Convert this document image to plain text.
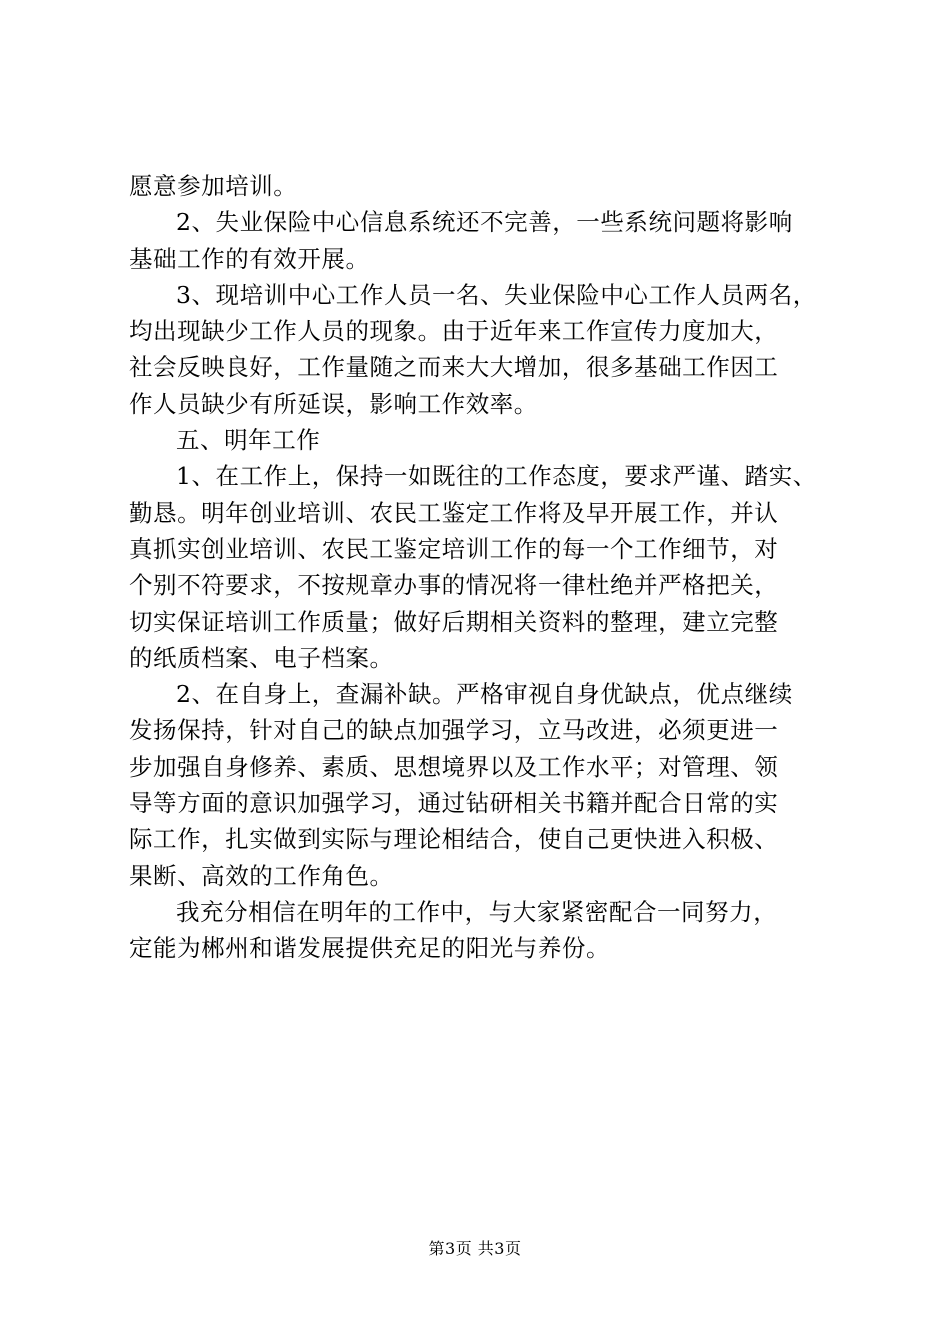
愿意参加培训。
2、失业保险中心信息系统还不完善，一些系统问题将影响
基础工作的有效开展。
3、现培训中心工作人员一名、失业保险中心工作人员两名，
均出现缺少工作人员的现象。由于近年来工作宣传力度加大，
社会反映良好，工作量随之而来大大增加，很多基础工作因工
作人员缺少有所延误，影响工作效率。
五、明年工作
1、在工作上，保持一如既往的工作态度，要求严谨、踏实、
勤恳。明年创业培训、农民工鉴定工作将及早开展工作，并认
真抓实创业培训、农民工鉴定培训工作的每一个工作细节，对
个别不符要求，不按规章办事的情况将一律杜绝并严格把关，
切实保证培训工作质量；做好后期相关资料的整理，建立完整
的纸质档案、电子档案。
2、在自身上，查漏补缺。严格审视自身优缺点，优点继续
发扬保持，针对自己的缺点加强学习，立马改进，必须更进一
步加强自身修养、素质、思想境界以及工作水平；对管理、领
导等方面的意识加强学习，通过钻研相关书籍并配合日常的实
际工作，扎实做到实际与理论相结合，使自己更快进入积极、
果断、高效的工作角色。
我充分相信在明年的工作中，与大家紧密配合一同努力，
定能为郴州和谐发展提供充足的阳光与养份。
第3页 共3页
